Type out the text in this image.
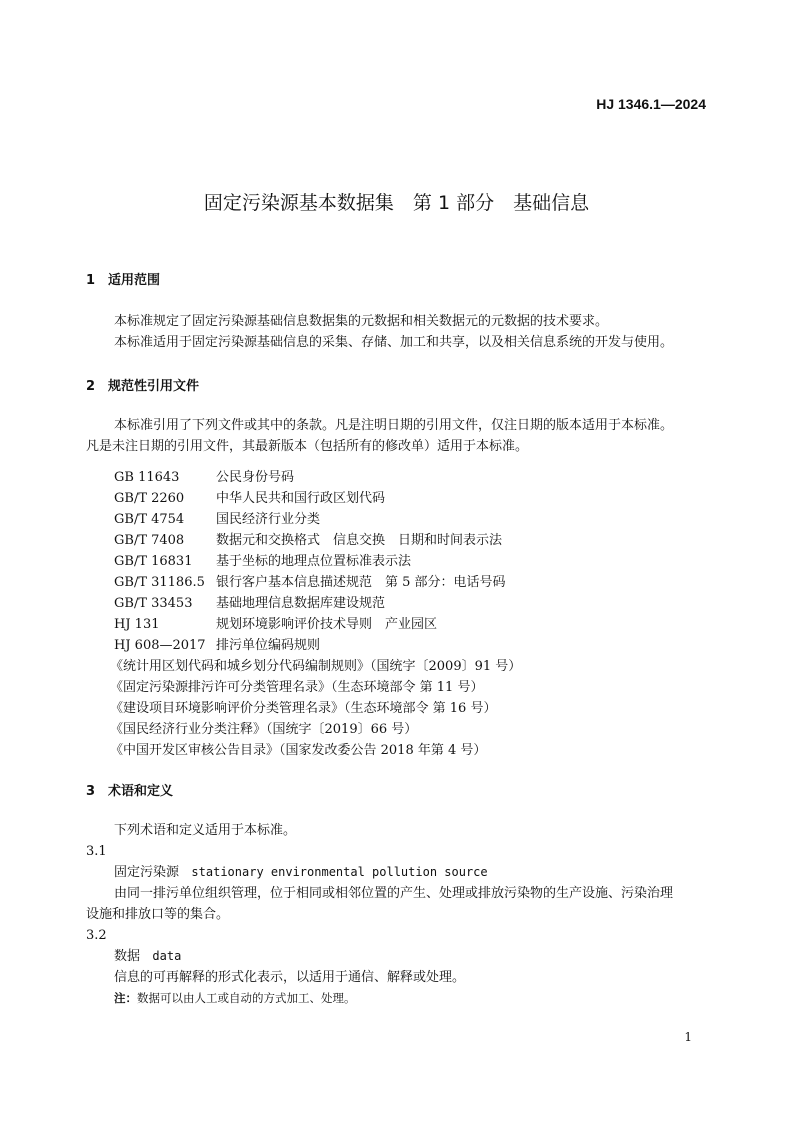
HJ 1346.1—2024
固定污染源基本数据集　第 1 部分　基础信息
1 适用范围
本标准规定了固定污染源基础信息数据集的元数据和相关数据元的元数据的技术要求。
本标准适用于固定污染源基础信息的采集、存储、加工和共享，以及相关信息系统的开发与使用。
2 规范性引用文件
本标准引用了下列文件或其中的条款。凡是注明日期的引用文件，仅注日期的版本适用于本标准。
凡是未注日期的引用文件，其最新版本（包括所有的修改单）适用于本标准。
GB 11643	公民身份号码
GB/T 2260 中华人民共和国行政区划代码
GB/T 4754 国民经济行业分类
GB/T 7408 数据元和交换格式　信息交换　日期和时间表示法
GB/T 16831 基于坐标的地理点位置标准表示法
GB/T 31186.5 银行客户基本信息描述规范　第 5 部分：电话号码
GB/T 33453 基础地理信息数据库建设规范
HJ 131	规划环境影响评价技术导则　产业园区
HJ 608—2017 排污单位编码规则
《统计用区划代码和城乡划分代码编制规则》（国统字〔2009〕91 号）
《固定污染源排污许可分类管理名录》（生态环境部令 第 11 号）
《建设项目环境影响评价分类管理名录》（生态环境部令 第 16 号）
《国民经济行业分类注释》（国统字〔2019〕66 号）
《中国开发区审核公告目录》（国家发改委公告 2018 年第 4 号）
3 术语和定义
下列术语和定义适用于本标准。
3.1
固定污染源 stationary environmental pollution source
由同一排污单位组织管理，位于相同或相邻位置的产生、处理或排放污染物的生产设施、污染治理
设施和排放口等的集合。
3.2
数据 data
信息的可再解释的形式化表示，以适用于通信、解释或处理。
注：数据可以由人工或自动的方式加工、处理。
1
